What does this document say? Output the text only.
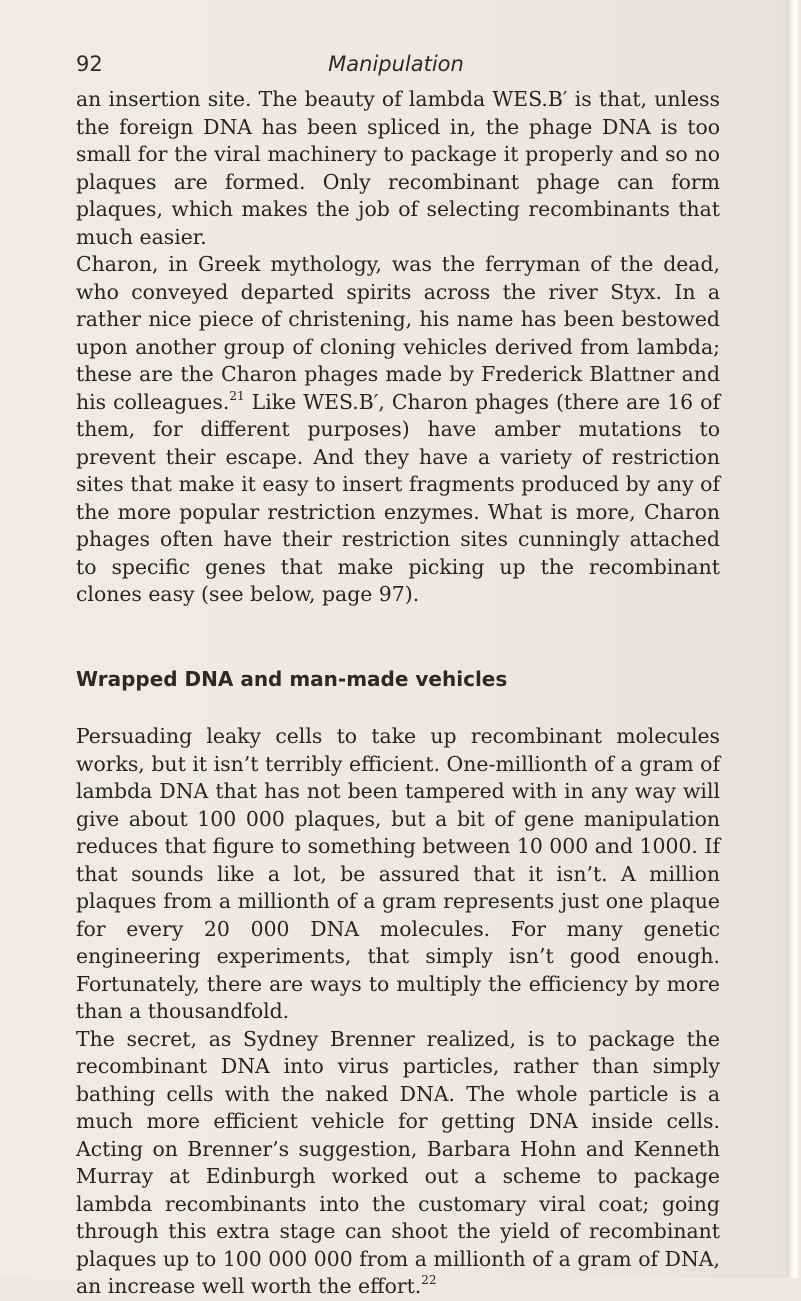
92	Manipulation

an insertion site. The beauty of lambda WES.B′ is that, unless the foreign DNA has been spliced in, the phage DNA is too small for the viral machinery to package it properly and so no plaques are formed. Only recombinant phage can form plaques, which makes the job of selecting recombinants that much easier.

Charon, in Greek mythology, was the ferryman of the dead, who conveyed departed spirits across the river Styx. In a rather nice piece of christening, his name has been bestowed upon another group of cloning vehicles derived from lambda; these are the Charon phages made by Frederick Blattner and his colleagues.$^{21}$ Like WES.B′, Charon phages (there are 16 of them, for different purposes) have amber mutations to prevent their escape. And they have a variety of restriction sites that make it easy to insert fragments produced by any of the more popular restriction enzymes. What is more, Charon phages often have their restriction sites cunningly attached to specific genes that make picking up the recombinant clones easy (see below, page 97).

Wrapped DNA and man-made vehicles

Persuading leaky cells to take up recombinant molecules works, but it isn’t terribly efficient. One-millionth of a gram of lambda DNA that has not been tampered with in any way will give about 100 000 plaques, but a bit of gene manipulation reduces that figure to something between 10 000 and 1000. If that sounds like a lot, be assured that it isn’t. A million plaques from a millionth of a gram represents just one plaque for every 20 000 DNA molecules. For many genetic engineering experiments, that simply isn’t good enough. Fortunately, there are ways to multiply the efficiency by more than a thousandfold.

The secret, as Sydney Brenner realized, is to package the recombinant DNA into virus particles, rather than simply bathing cells with the naked DNA. The whole particle is a much more efficient vehicle for getting DNA inside cells. Acting on Brenner’s suggestion, Barbara Hohn and Kenneth Murray at Edinburgh worked out a scheme to package lambda recombinants into the customary viral coat; going through this extra stage can shoot the yield of recombinant plaques up to 100 000 000 from a millionth of a gram of DNA, an increase well worth the effort.$^{22}$
